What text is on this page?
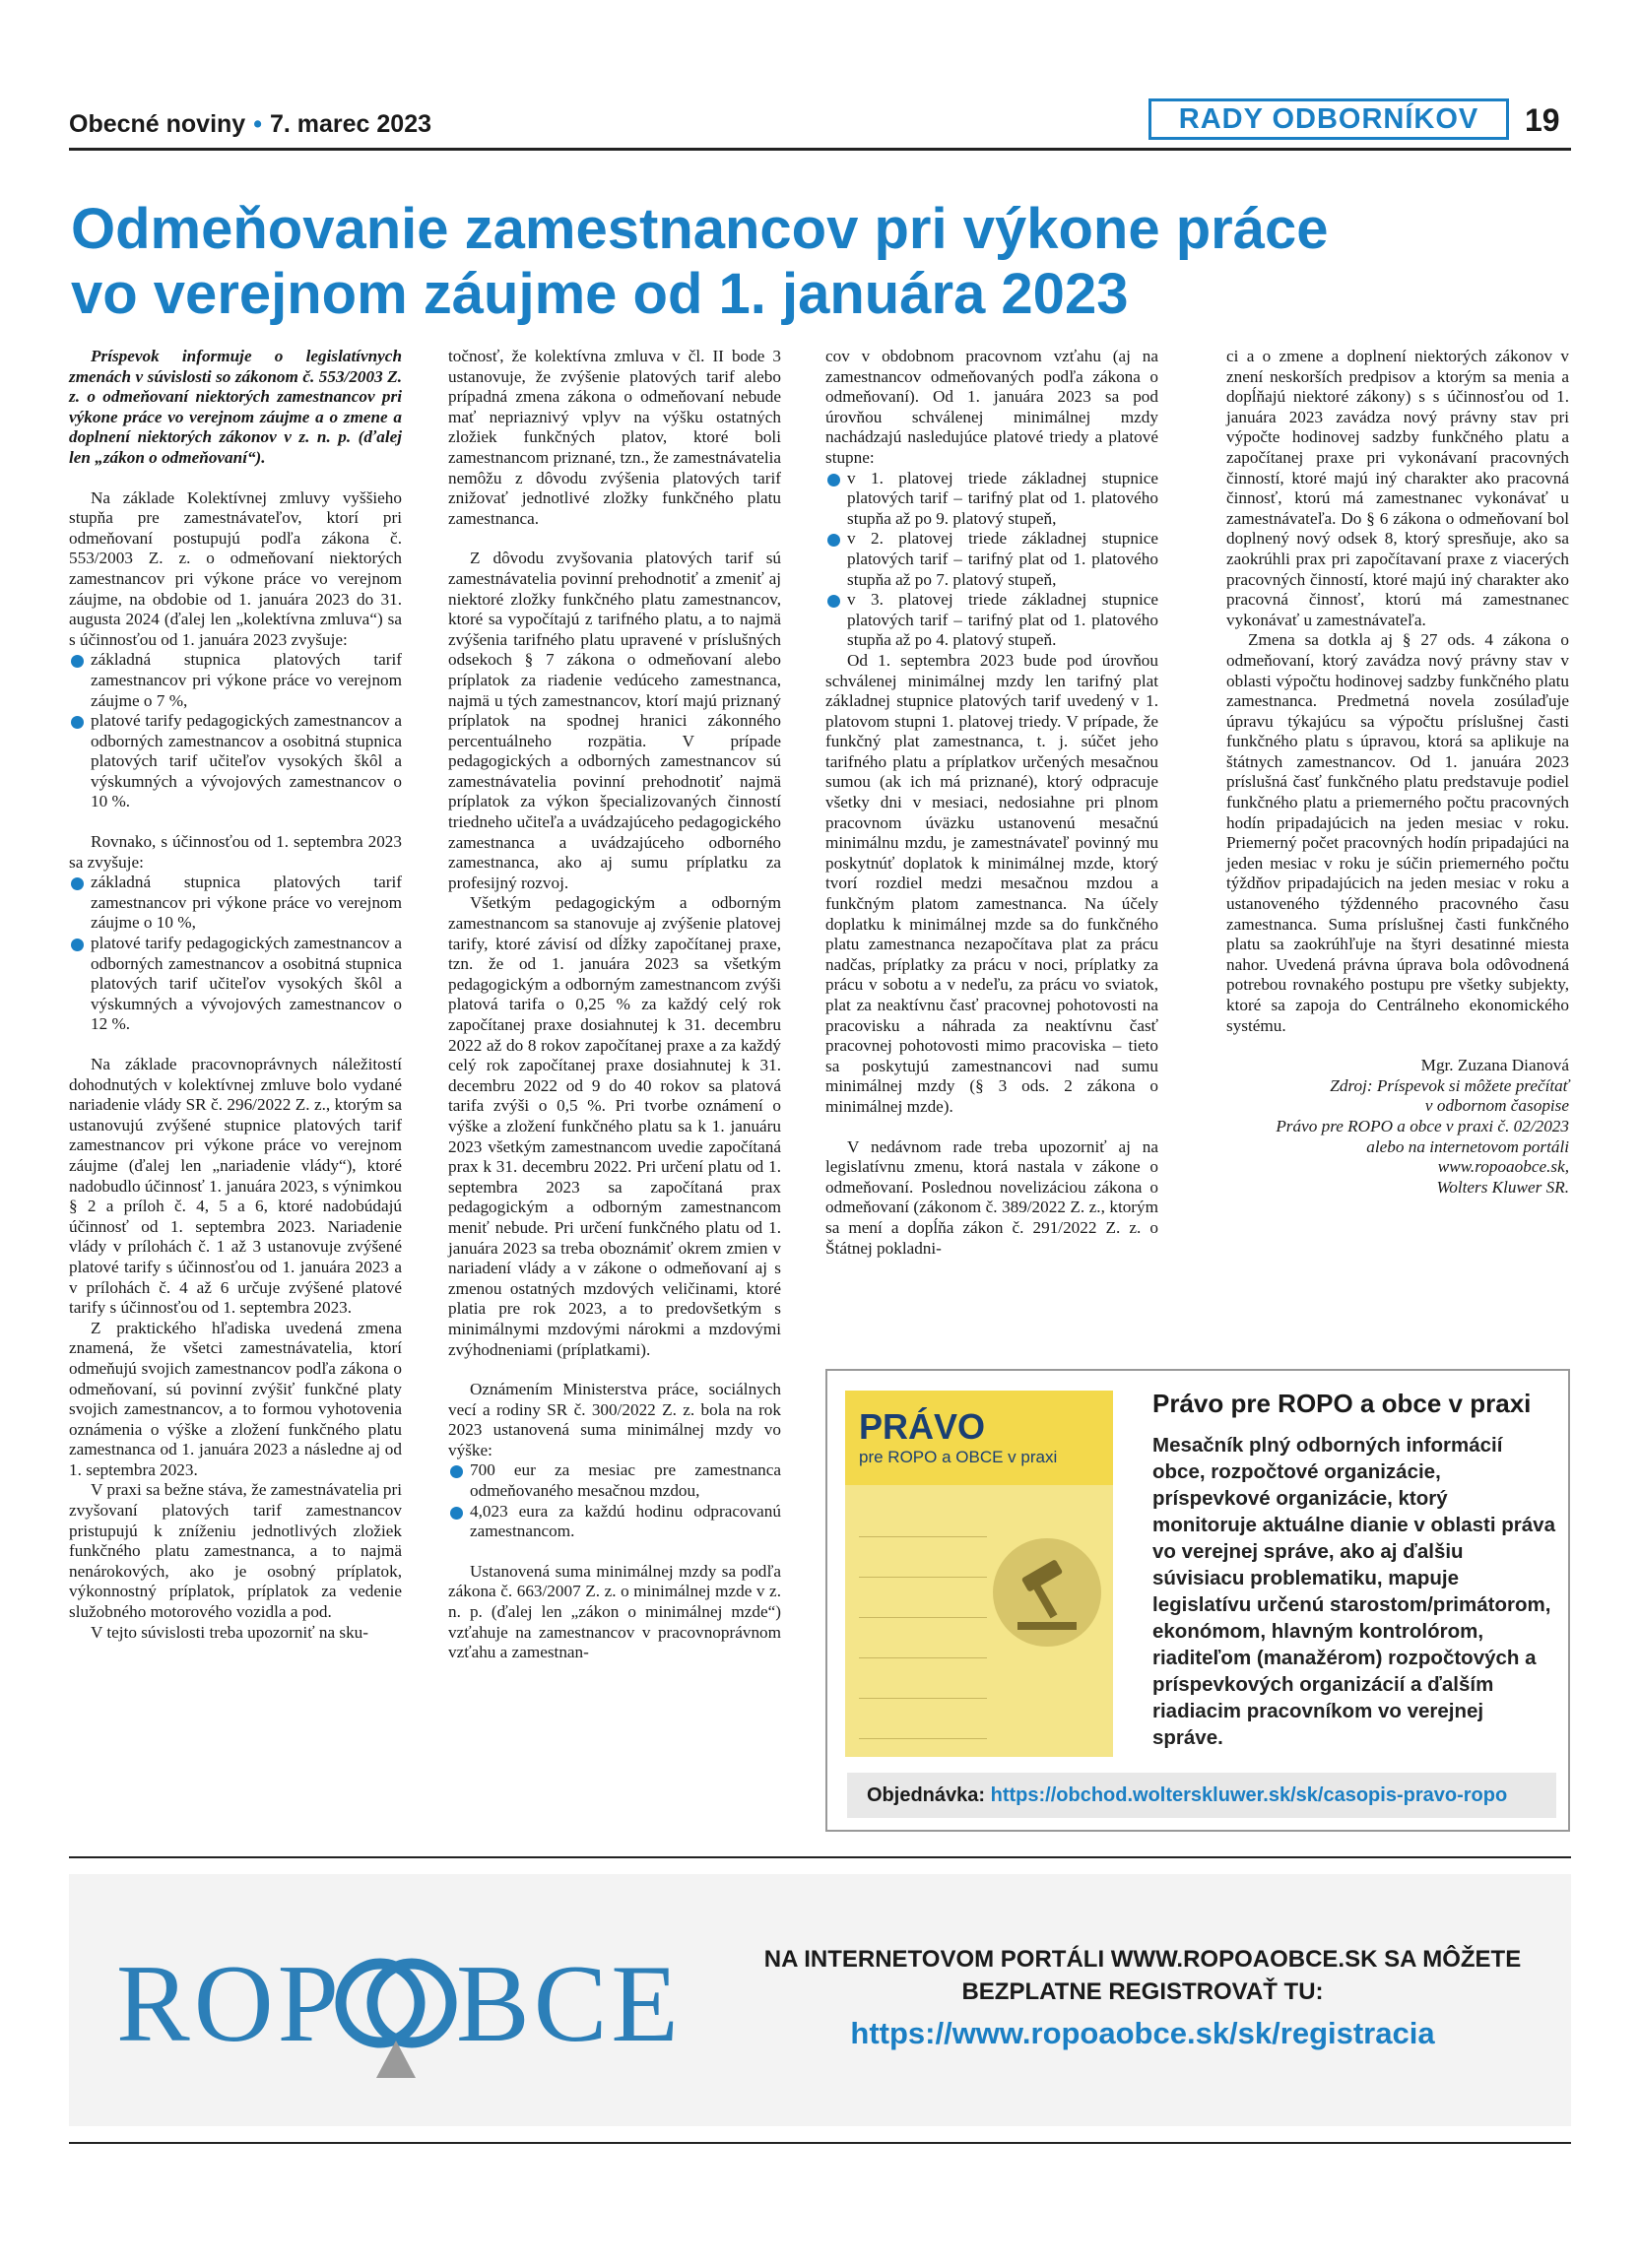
Obecné noviny • 7. marec 2023	RADY ODBORNÍKOV	19
Odmeňovanie zamestnancov pri výkone práce
vo verejnom záujme od 1. januára 2023

Príspevok informuje o legislatívnych zmenách v súvislosti so zákonom č. 553/2003 Z. z. o odmeňovaní niektorých zamestnancov pri výkone práce vo verejnom záujme a o zmene a doplnení niektorých zákonov v z. n. p. (ďalej len „zákon o odmeňovaní“).

Na základe Kolektívnej zmluvy vyššieho stupňa pre zamestnávateľov, ktorí pri odmeňovaní postupujú podľa zákona č. 553/2003 Z. z. o odmeňovaní niektorých zamestnancov pri výkone práce vo verejnom záujme, na obdobie od 1. januára 2023 do 31. augusta 2024 (ďalej len „kolektívna zmluva“) sa s účinnosťou od 1. januára 2023 zvyšuje:

základná stupnica platových tarif zamestnancov pri výkone práce vo verejnom záujme o 7 %,
platové tarify pedagogických zamestnancov a odborných zamestnancov a osobitná stupnica platových tarif učiteľov vysokých škôl a výskumných a vývojových zamestnancov o 10 %.

Rovnako, s účinnosťou od 1. septembra 2023 sa zvyšuje:

základná stupnica platových tarif zamestnancov pri výkone práce vo verejnom záujme o 10 %,
platové tarify pedagogických zamestnancov a odborných zamestnancov a osobitná stupnica platových tarif učiteľov vysokých škôl a výskumných a vývojových zamestnancov o 12 %.

Na základe pracovnoprávnych náležitostí dohodnutých v kolektívnej zmluve bolo vydané nariadenie vlády SR č. 296/2022 Z. z., ktorým sa ustanovujú zvýšené stupnice platových tarif zamestnancov pri výkone práce vo verejnom záujme (ďalej len „nariadenie vlády“), ktoré nadobudlo účinnosť 1. januára 2023, s výnimkou § 2 a príloh č. 4, 5 a 6, ktoré nadobúdajú účinnosť od 1. septembra 2023. Nariadenie vlády v prílohách č. 1 až 3 ustanovuje zvýšené platové tarify s účinnosťou od 1. januára 2023 a v prílohách č. 4 až 6 určuje zvýšené platové tarify s účinnosťou od 1. septembra 2023.

Z praktického hľadiska uvedená zmena znamená, že všetci zamestnávatelia, ktorí odmeňujú svojich zamestnancov podľa zákona o odmeňovaní, sú povinní zvýšiť funkčné platy svojich zamestnancov, a to formou vyhotovenia oznámenia o výške a zložení funkčného platu zamestnanca od 1. januára 2023 a následne aj od 1. septembra 2023.

V praxi sa bežne stáva, že zamestnávatelia pri zvyšovaní platových tarif zamestnancov pristupujú k zníženiu jednotlivých zložiek funkčného platu zamestnanca, a to najmä nenárokových, ako je osobný príplatok, výkonnostný príplatok, príplatok za vedenie služobného motorového vozidla a pod.

V tejto súvislosti treba upozorniť na sku-

točnosť, že kolektívna zmluva v čl. II bode 3 ustanovuje, že zvýšenie platových tarif alebo prípadná zmena zákona o odmeňovaní nebude mať nepriaznivý vplyv na výšku ostatných zložiek funkčných platov, ktoré boli zamestnancom priznané, tzn., že zamestnávatelia nemôžu z dôvodu zvýšenia platových tarif znižovať jednotlivé zložky funkčného platu zamestnanca.

Z dôvodu zvyšovania platových tarif sú zamestnávatelia povinní prehodnotiť a zmeniť aj niektoré zložky funkčného platu zamestnancov, ktoré sa vypočítajú z tarifného platu, a to najmä zvýšenia tarifného platu upravené v príslušných odsekoch § 7 zákona o odmeňovaní alebo príplatok za riadenie vedúceho zamestnanca, najmä u tých zamestnancov, ktorí majú priznaný príplatok na spodnej hranici zákonného percentuálneho rozpätia. V prípade pedagogických a odborných zamestnancov sú zamestnávatelia povinní prehodnotiť najmä príplatok za výkon špecializovaných činností triedneho učiteľa a uvádzajúceho pedagogického zamestnanca a uvádzajúceho odborného zamestnanca, ako aj sumu príplatku za profesijný rozvoj.

Všetkým pedagogickým a odborným zamestnancom sa stanovuje aj zvýšenie platovej tarify, ktoré závisí od dĺžky započítanej praxe, tzn. že od 1. januára 2023 sa všetkým pedagogickým a odborným zamestnancom zvýši platová tarifa o 0,25 % za každý celý rok započítanej praxe dosiahnutej k 31. decembru 2022 až do 8 rokov započítanej praxe a za každý celý rok započítanej praxe dosiahnutej k 31. decembru 2022 od 9 do 40 rokov sa platová tarifa zvýši o 0,5 %. Pri tvorbe oznámení o výške a zložení funkčného platu sa k 1. januáru 2023 všetkým zamestnancom uvedie započítaná prax k 31. decembru 2022. Pri určení platu od 1. septembra 2023 sa započítaná prax pedagogickým a odborným zamestnancom meniť nebude. Pri určení funkčného platu od 1. januára 2023 sa treba oboznámiť okrem zmien v nariadení vlády a v zákone o odmeňovaní aj s zmenou ostatných mzdových veličinami, ktoré platia pre rok 2023, a to predovšetkým s minimálnymi mzdovými nárokmi a mzdovými zvýhodneniami (príplatkami).

Oznámením Ministerstva práce, sociálnych vecí a rodiny SR č. 300/2022 Z. z. bola na rok 2023 ustanovená suma minimálnej mzdy vo výške:

700 eur za mesiac pre zamestnanca odmeňovaného mesačnou mzdou,
4,023 eura za každú hodinu odpracovanú zamestnancom.

Ustanovená suma minimálnej mzdy sa podľa zákona č. 663/2007 Z. z. o minimálnej mzde v z. n. p. (ďalej len „zákon o minimálnej mzde“) vzťahuje na zamestnancov v pracovnoprávnom vzťahu a zamestnan-

cov v obdobnom pracovnom vzťahu (aj na zamestnancov odmeňovaných podľa zákona o odmeňovaní). Od 1. januára 2023 sa pod úrovňou schválenej minimálnej mzdy nachádzajú nasledujúce platové triedy a platové stupne:

v 1. platovej triede základnej stupnice platových tarif – tarifný plat od 1. platového stupňa až po 9. platový stupeň,
v 2. platovej triede základnej stupnice platových tarif – tarifný plat od 1. platového stupňa až po 7. platový stupeň,
v 3. platovej triede základnej stupnice platových tarif – tarifný plat od 1. platového stupňa až po 4. platový stupeň.

Od 1. septembra 2023 bude pod úrovňou schválenej minimálnej mzdy len tarifný plat základnej stupnice platových tarif uvedený v 1. platovom stupni 1. platovej triedy. V prípade, že funkčný plat zamestnanca, t. j. súčet jeho tarifného platu a príplatkov určených mesačnou sumou (ak ich má priznané), ktorý odpracuje všetky dni v mesiaci, nedosiahne pri plnom pracovnom úväzku ustanovenú mesačnú minimálnu mzdu, je zamestnávateľ povinný mu poskytnúť doplatok k minimálnej mzde, ktorý tvorí rozdiel medzi mesačnou mzdou a funkčným platom zamestnanca. Na účely doplatku k minimálnej mzde sa do funkčného platu zamestnanca nezapočítava plat za prácu nadčas, príplatky za prácu v noci, príplatky za prácu v sobotu a v nedeľu, za prácu vo sviatok, plat za neaktívnu časť pracovnej pohotovosti na pracovisku a náhrada za neaktívnu časť pracovnej pohotovosti mimo pracoviska – tieto sa poskytujú zamestnancovi nad sumu minimálnej mzdy (§ 3 ods. 2 zákona o minimálnej mzde).

V nedávnom rade treba upozorniť aj na legislatívnu zmenu, ktorá nastala v zákone o odmeňovaní. Poslednou novelizáciou zákona o odmeňovaní (zákonom č. 389/2022 Z. z., ktorým sa mení a dopĺňa zákon č. 291/2022 Z. z. o Štátnej pokladni-

ci a o zmene a doplnení niektorých zákonov v znení neskorších predpisov a ktorým sa menia a dopĺňajú niektoré zákony) s s účinnosťou od 1. januára 2023 zavádza nový právny stav pri výpočte hodinovej sadzby funkčného platu a započítanej praxe pri vykonávaní pracovných činností, ktoré majú iný charakter ako pracovná činnosť, ktorú má zamestnanec vykonávať u zamestnávateľa. Do § 6 zákona o odmeňovaní bol doplnený nový odsek 8, ktorý spresňuje, ako sa zaokrúhli prax pri započítavaní praxe z viacerých pracovných činností, ktoré majú iný charakter ako pracovná činnosť, ktorú má zamestnanec vykonávať u zamestnávateľa.

Zmena sa dotkla aj § 27 ods. 4 zákona o odmeňovaní, ktorý zavádza nový právny stav v oblasti výpočtu hodinovej sadzby funkčného platu zamestnanca. Predmetná novela zosúlaďuje úpravu týkajúcu sa výpočtu príslušnej časti funkčného platu s úpravou, ktorá sa aplikuje na štátnych zamestnancov. Od 1. januára 2023 príslušná časť funkčného platu predstavuje podiel funkčného platu a priemerného počtu pracovných hodín pripadajúcich na jeden mesiac v roku. Priemerný počet pracovných hodín pripadajúci na jeden mesiac v roku je súčin priemerného počtu týždňov pripadajúcich na jeden mesiac v roku a ustanoveného týždenného pracovného času zamestnanca. Suma príslušnej časti funkčného platu sa zaokrúhľuje na štyri desatinné miesta nahor. Uvedená právna úprava bola odôvodnená potrebou rovnakého postupu pre všetky subjekty, ktoré sa zapoja do Centrálneho ekonomického systému.

Mgr. Zuzana Dianová

Zdroj: Príspevok si môžete prečítať

v odbornom časopise

Právo pre ROPO a obce v praxi č. 02/2023

alebo na internetovom portáli

www.ropoaobce.sk,

Wolters Kluwer SR.

PRÁVO
pre ROPO a OBCE v praxi
Právo pre ROPO a obce v praxi
Mesačník plný odborných informácií obce, rozpočtové organizácie, príspevkové organizácie, ktorý monitoruje aktuálne dianie v oblasti práva vo verejnej správe, ako aj ďalšiu súvisiacu problematiku, mapuje legislatívu určenú starostom/primátorom, ekonómom, hlavným kontrolórom, riaditeľom (manažérom) rozpočtových a príspevkových organizácií a ďalším riadiacim pracovníkom vo verejnej správe.
Objednávka: https://obchod.wolterskluwer.sk/sk/casopis-pravo-ropo
ROP BCE	NA INTERNETOVOM PORTÁLI WWW.ROPOAOBCE.SK SA MÔŽETE
BEZPLATNE REGISTROVAŤ TU:
https://www.ropoaobce.sk/sk/registracia
